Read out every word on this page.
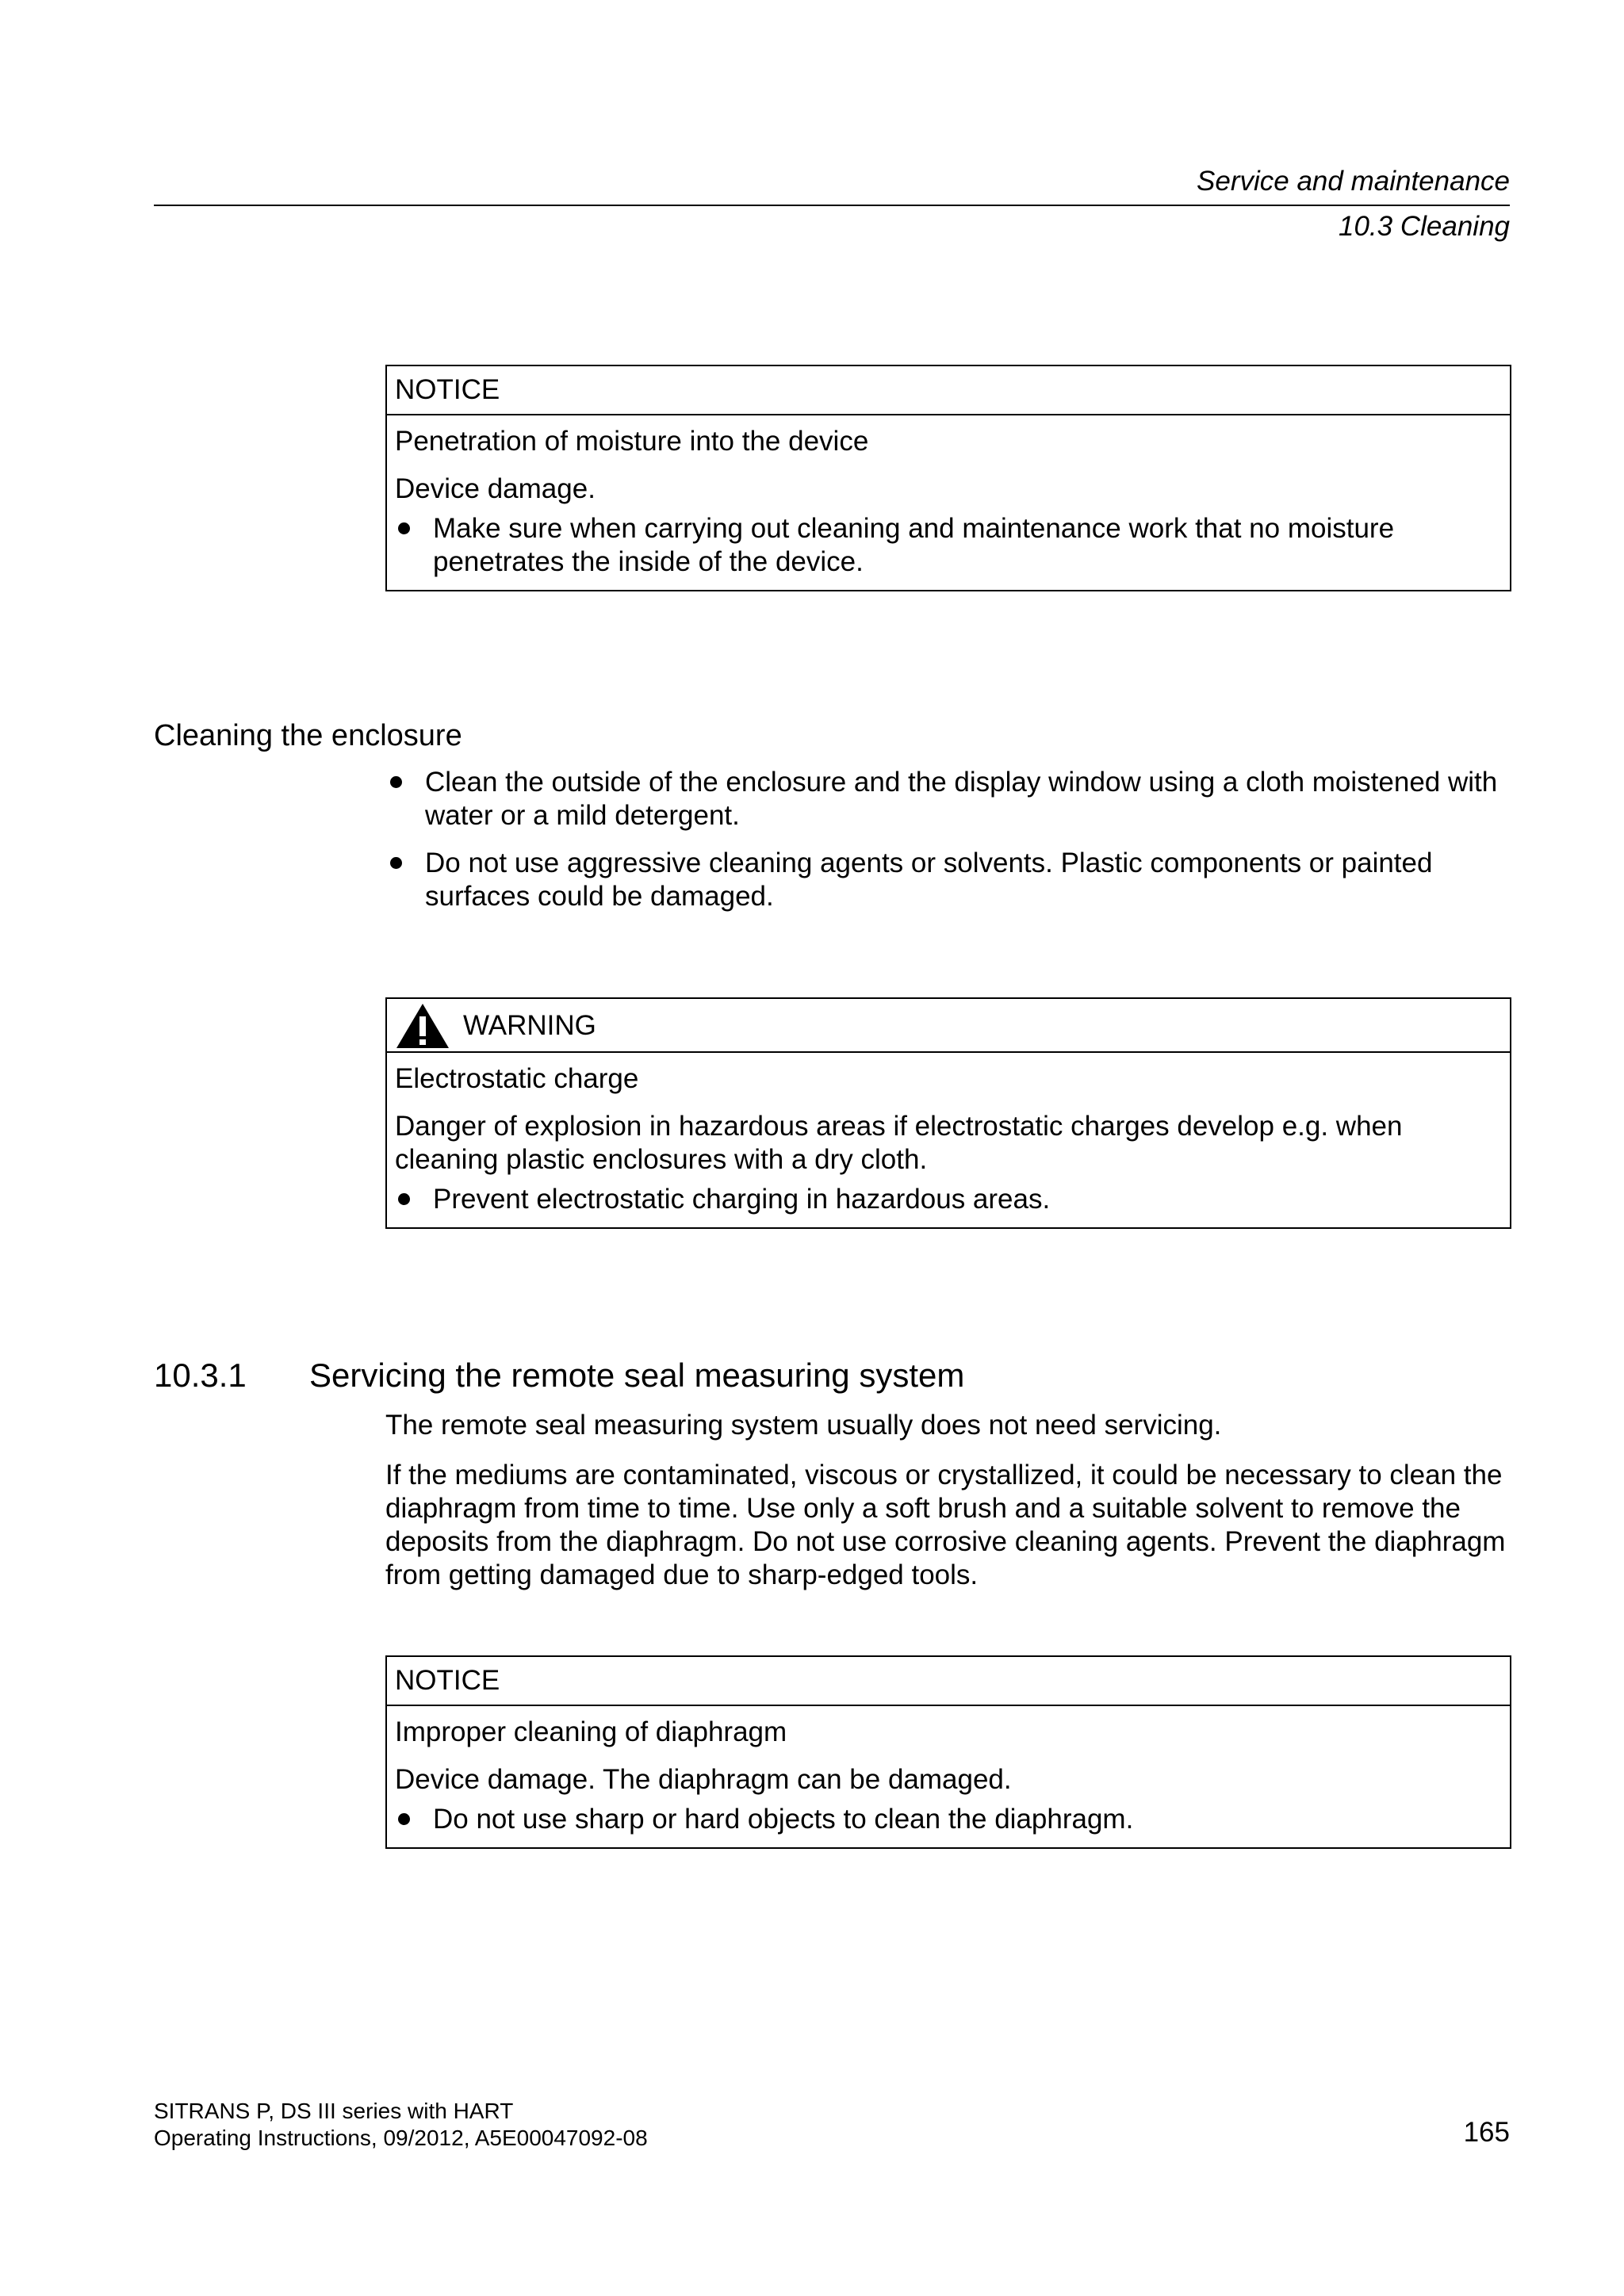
Service and maintenance
10.3 Cleaning
NOTICE

Penetration of moisture into the device

Device damage.

Make sure when carrying out cleaning and maintenance work that no moisture penetrates the inside of the device.
Cleaning the enclosure
Clean the outside of the enclosure and the display window using a cloth moistened with water or a mild detergent.
Do not use aggressive cleaning agents or solvents. Plastic components or painted surfaces could be damaged.
WARNING

Electrostatic charge

Danger of explosion in hazardous areas if electrostatic charges develop e.g. when cleaning plastic enclosures with a dry cloth.

Prevent electrostatic charging in hazardous areas.
10.3.1 Servicing the remote seal measuring system

The remote seal measuring system usually does not need servicing.

If the mediums are contaminated, viscous or crystallized, it could be necessary to clean the diaphragm from time to time. Use only a soft brush and a suitable solvent to remove the deposits from the diaphragm. Do not use corrosive cleaning agents. Prevent the diaphragm from getting damaged due to sharp-edged tools.

NOTICE

Improper cleaning of diaphragm

Device damage. The diaphragm can be damaged.

Do not use sharp or hard objects to clean the diaphragm.
SITRANS P, DS III series with HART
Operating Instructions, 09/2012, A5E00047092-08	165
